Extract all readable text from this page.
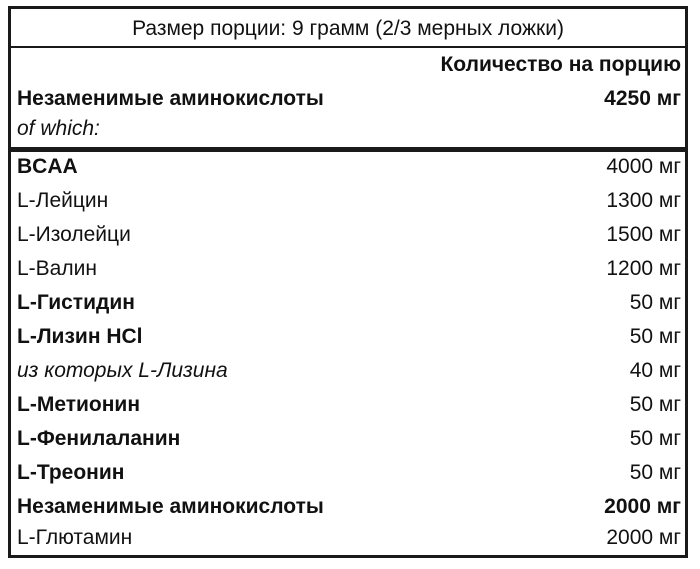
Размер порции: 9 грамм (2/3 мерных ложки)
Количество на порцию
Незаменимые аминокислоты	4250 мг
of which:
BCAA	4000 мг
L-Лейцин	1300 мг
L-Изолейци	1500 мг
L-Валин	1200 мг
L-Гистидин	50 мг
L-Лизин HCl	50 мг
из которых L-Лизина	40 мг
L-Метионин	50 мг
L-Фенилаланин	50 мг
L-Треонин	50 мг
Незаменимые аминокислоты	2000 мг
L-Глютамин	2000 мг
